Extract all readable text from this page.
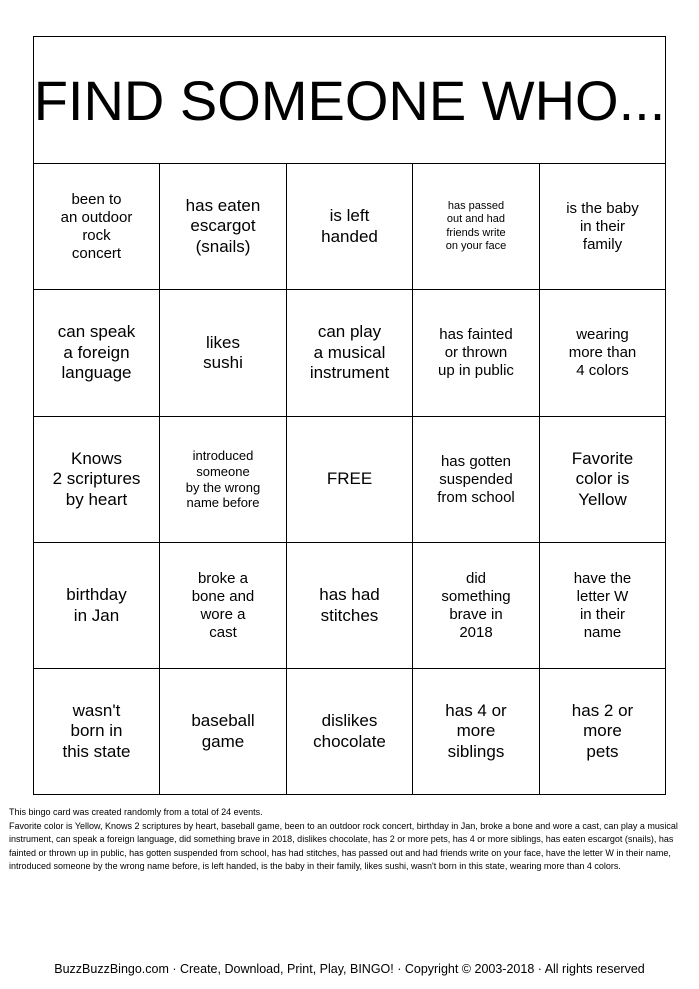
FIND SOMEONE WHO...
been to
an outdoor
rock
concert
has eaten
escargot
(snails)
is left
handed
has passed
out and had
friends write
on your face
is the baby
in their
family
can speak
a foreign
language
likes
sushi
can play
a musical
instrument
has fainted
or thrown
up in public
wearing
more than
4 colors
Knows
2 scriptures
by heart
introduced
someone
by the wrong
name before
FREE
has gotten
suspended
from school
Favorite
color is
Yellow
birthday
in Jan
broke a
bone and
wore a
cast
has had
stitches
did
something
brave in
2018
have the
letter W
in their
name
wasn't
born in
this state
baseball
game
dislikes
chocolate
has 4 or
more
siblings
has 2 or
more
pets

This bingo card was created randomly from a total of 24 events.

Favorite color is Yellow, Knows 2 scriptures by heart, baseball game, been to an outdoor rock concert, birthday in Jan, broke a bone and wore a cast, can play a musical instrument, can speak a foreign language, did something brave in 2018, dislikes chocolate, has 2 or more pets, has 4 or more siblings, has eaten escargot (snails), has fainted or thrown up in public, has gotten suspended from school, has had stitches, has passed out and had friends write on your face, have the letter W in their name, introduced someone by the wrong name before, is left handed, is the baby in their family, likes sushi, wasn't born in this state, wearing more than 4 colors.

BuzzBuzzBingo.com · Create, Download, Print, Play, BINGO! · Copyright © 2003-2018 · All rights reserved
